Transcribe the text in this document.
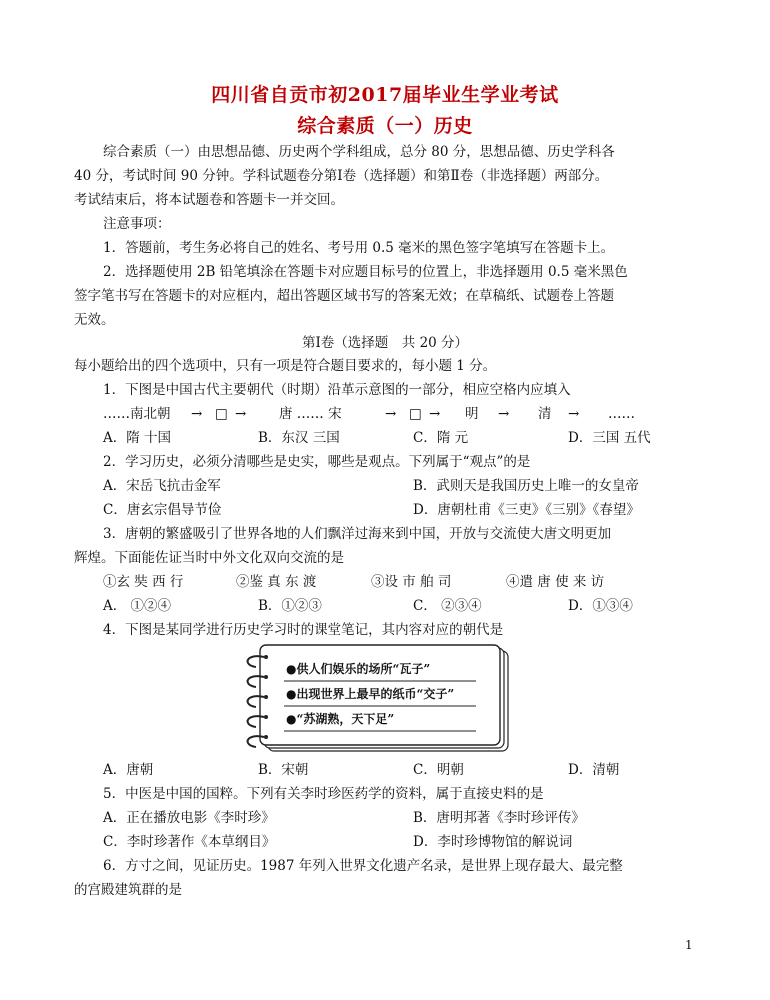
四川省自贡市初2017届毕业生学业考试
综合素质（一）历史
综合素质（一）由思想品德、历史两个学科组成，总分 80 分，思想品德、历史学科各
40 分，考试时间 90 分钟。学科试题卷分第Ⅰ卷（选择题）和第Ⅱ卷（非选择题）两部分。
考试结束后，将本试题卷和答题卡一并交回。
注意事项：
1．答题前，考生务必将自己的姓名、考号用 0.5 毫米的黑色签字笔填写在答题卡上。
2．选择题使用 2B 铅笔填涂在答题卡对应题目标号的位置上，非选择题用 0.5 毫米黑色
签字笔书写在答题卡的对应框内，超出答题区域书写的答案无效；在草稿纸、试题卷上答题
无效。
第Ⅰ卷（选择题　共 20 分）
每小题给出的四个选项中，只有一项是符合题目要求的，每小题 1 分。
1．下图是中国古代主要朝代（时期）沿革示意图的一部分，相应空格内应填入
……南北朝 → □ → 唐 …… 宋	→ □ → 明 → 清 → ……
A．隋 十国	B．东汉 三国	C．隋 元	D．三国 五代
2．学习历史，必须分清哪些是史实，哪些是观点。下列属于“观点”的是
A．宋岳飞抗击金军	B．武则天是我国历史上唯一的女皇帝
C．唐玄宗倡导节俭	D．唐朝杜甫《三吏》《三别》《春望》
3．唐朝的繁盛吸引了世界各地的人们飘洋过海来到中国，开放与交流使大唐文明更加
辉煌。下面能佐证当时中外文化双向交流的是
①玄 奘 西 行	②鉴 真 东 渡	③设 市 舶 司	④遣 唐 使 来 访
A． ①②④	B．①②③	C． ②③④	D．①③④
4．下图是某同学进行历史学习时的课堂笔记，其内容对应的朝代是
●供人们娱乐的场所“瓦子”
●出现世界上最早的纸币“交子”
●“苏湖熟，天下足”
A．唐朝	B．宋朝	C．明朝	D．清朝
5．中医是中国的国粹。下列有关李时珍医药学的资料，属于直接史料的是
A．正在播放电影《李时珍》	B．唐明邦著《李时珍评传》
C．李时珍著作《本草纲目》	D．李时珍博物馆的解说词
6．方寸之间，见证历史。1987 年列入世界文化遗产名录，是世界上现存最大、最完整
的宫殿建筑群的是
1
